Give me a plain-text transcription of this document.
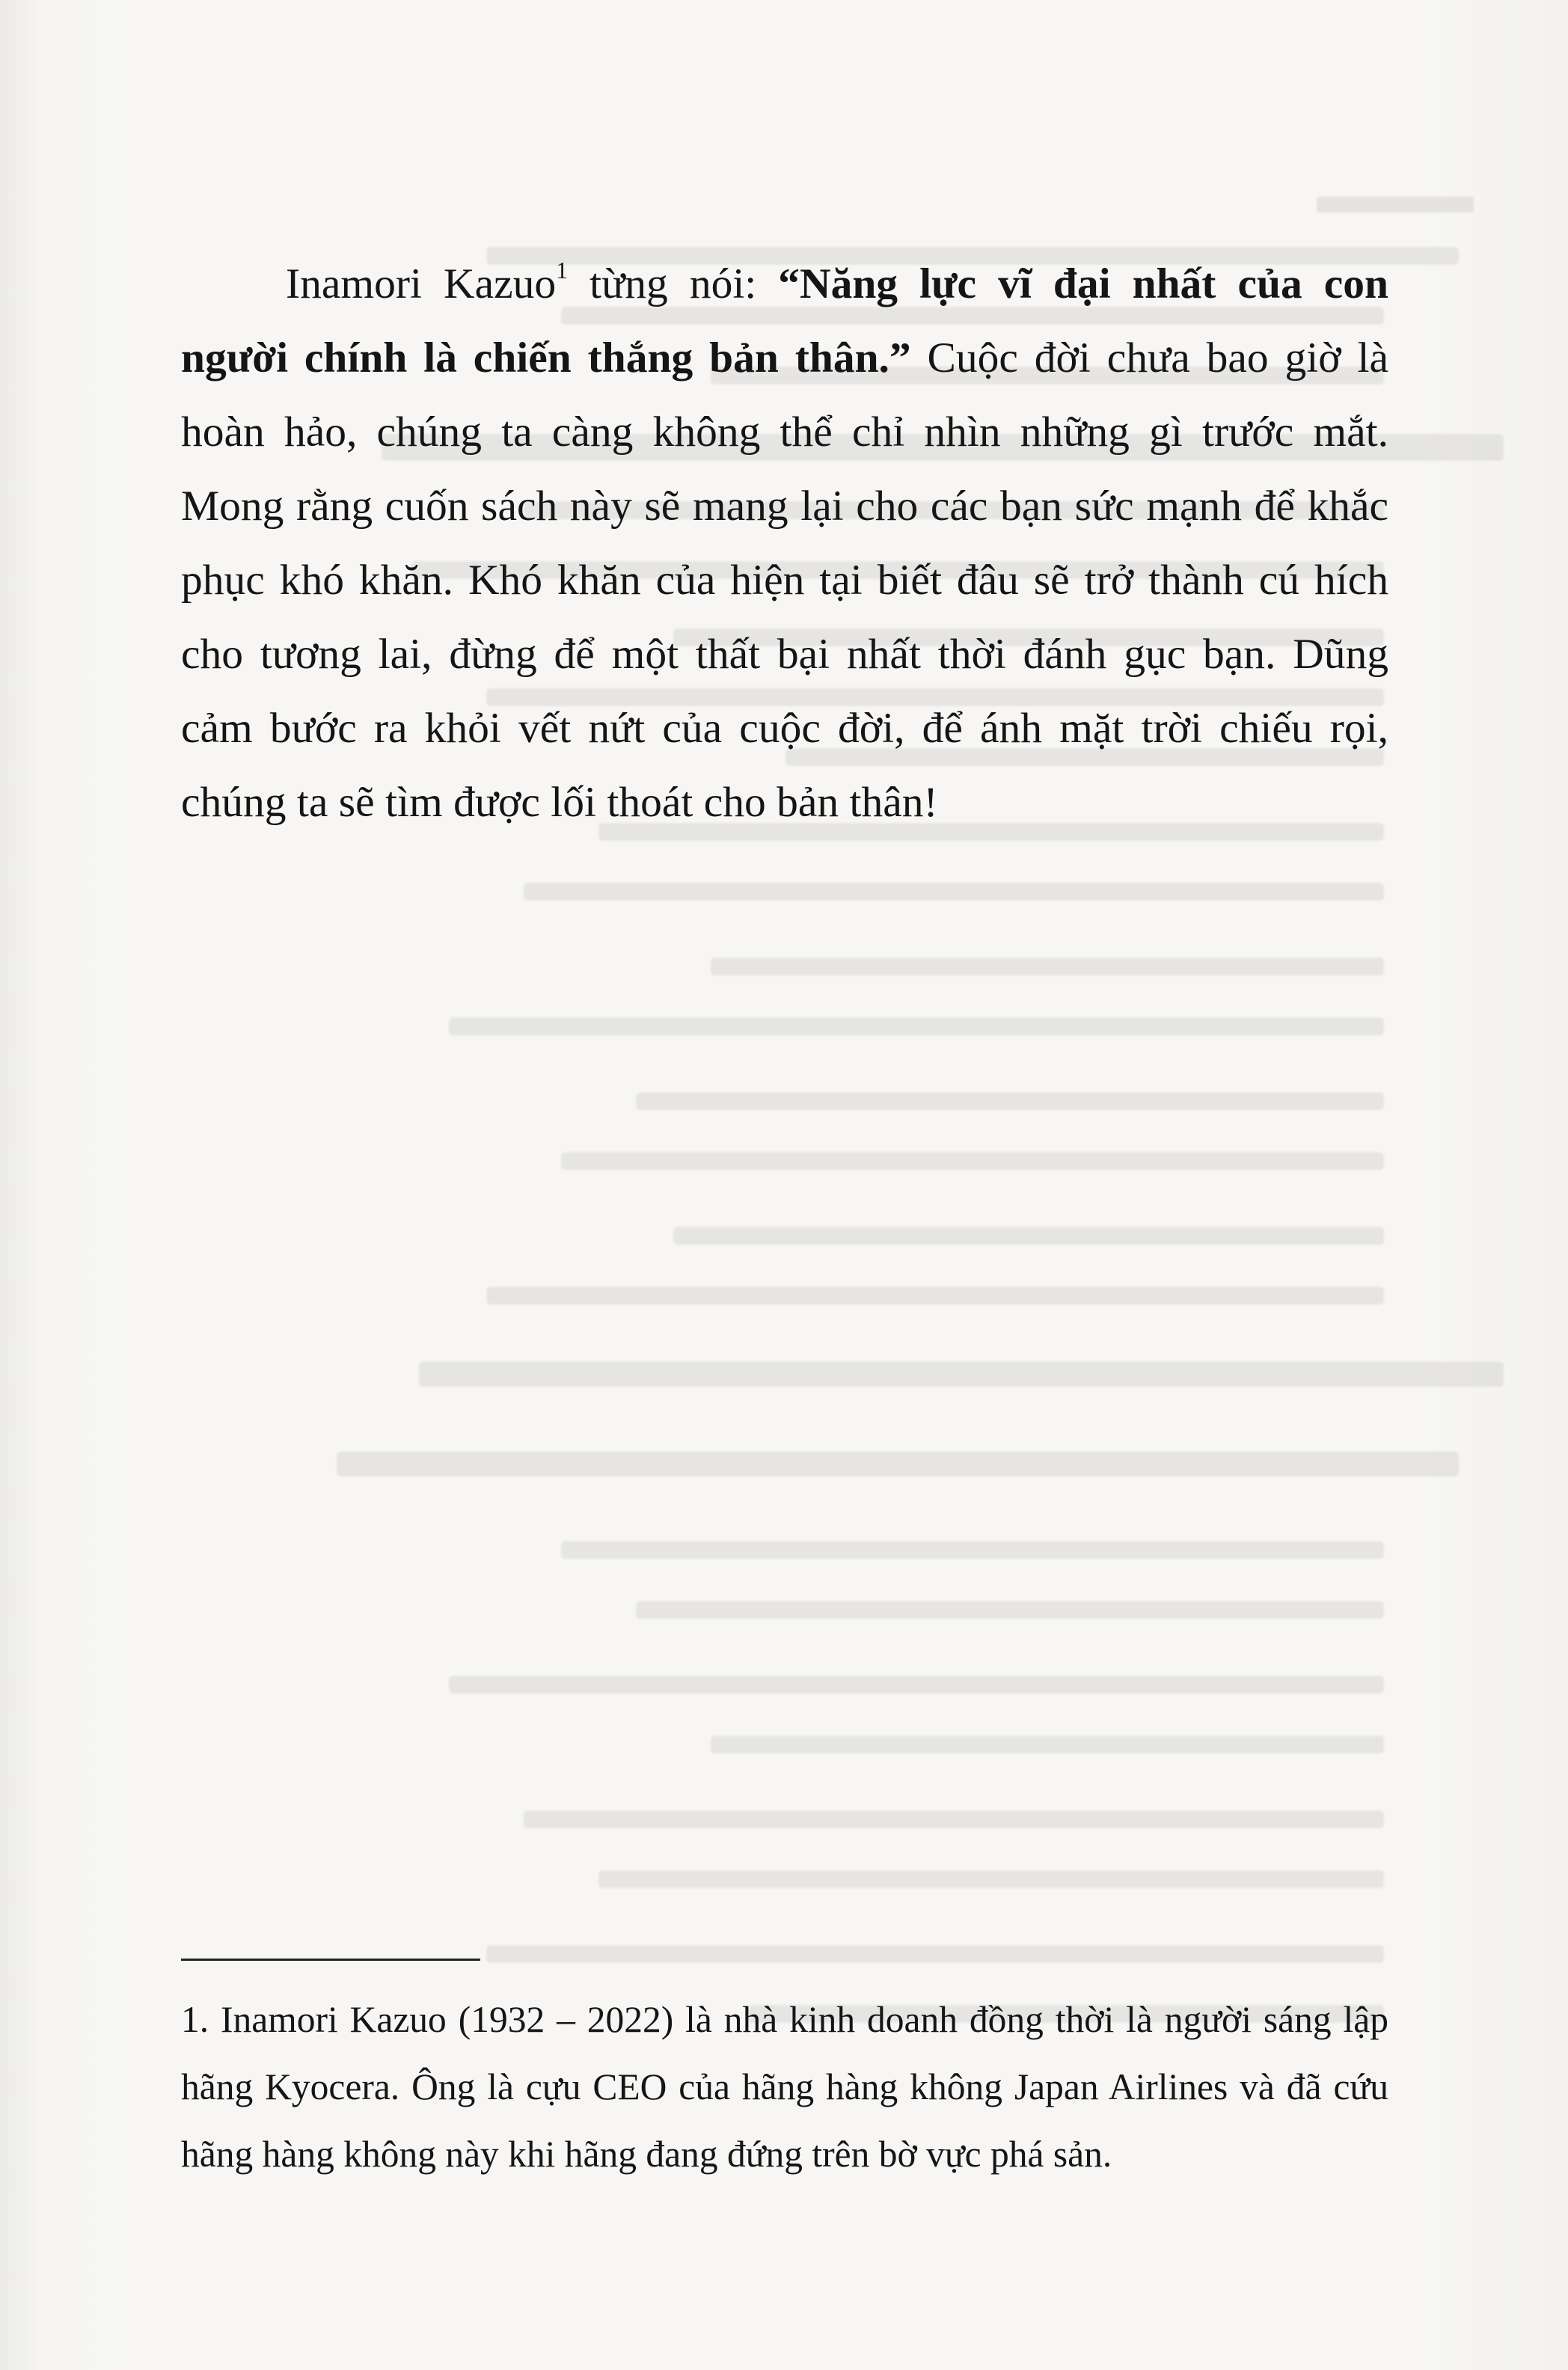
▬▬▬

Inamori Kazuo$^1$ từng nói: “Năng lực vĩ đại nhất của con người chính là chiến thắng bản thân.” Cuộc đời chưa bao giờ là hoàn hảo, chúng ta càng không thể chỉ nhìn những gì trước mắt. Mong rằng cuốn sách này sẽ mang lại cho các bạn sức mạnh để khắc phục khó khăn. Khó khăn của hiện tại biết đâu sẽ trở thành cú hích cho tương lai, đừng để một thất bại nhất thời đánh gục bạn. Dũng cảm bước ra khỏi vết nứt của cuộc đời, để ánh mặt trời chiếu rọi, chúng ta sẽ tìm được lối thoát cho bản thân!

1. Inamori Kazuo (1932 – 2022) là nhà kinh doanh đồng thời là người sáng lập hãng Kyocera. Ông là cựu CEO của hãng hàng không Japan Airlines và đã cứu hãng hàng không này khi hãng đang đứng trên bờ vực phá sản.
